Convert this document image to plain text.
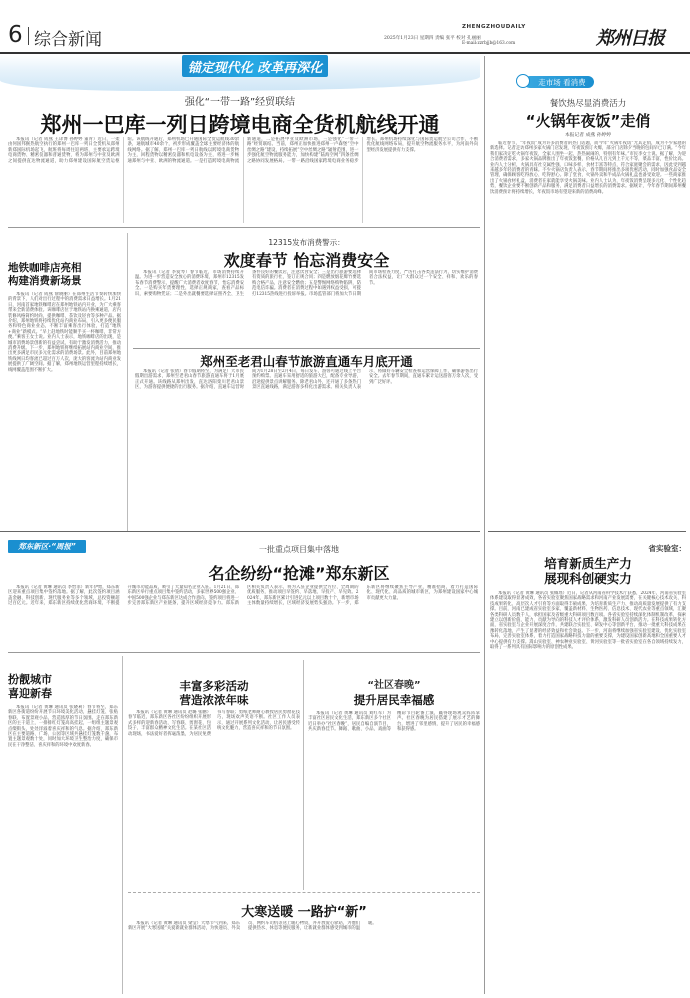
6 综合新闻
ZHENGZHOUDAILY
2025年1月23日 星期四 责编 张平 校对 孔丽丽
E-mail:zzrbjjb@163.com	郑州日报
锚定现代化 改革再深化
强化“一带一路”经贸联结
郑州一巴库一列日跨境电商全货机航线开通

本报讯（记者 成燕 王译博 孙婷婷 董青）近日，一架由何国邦猴热航空执行的郑州一巴库一列日全货机从郑州新郑国际机场起飞，航班将每周往返两班，主要承运跨境电商货物、精密仪器和普通货物，将为郑州与中亚及欧洲之间提供直达物流通道，助力郑州建设国际航空货运枢纽。该航线开通后，郑州机场已开通国际全货运航线30余条，通航城市40余个，初步形成覆盖全球主要经济体的航线网络。据了解，郑州一巴库一列日航线以跨境电商货物为主，回程货物以精密仪器和机电设备为主，将进一步畅通郑州与中亚、欧洲的物流通道。一是打造跨境电商物流新通道，二是拓展中亚及欧洲市场，三是强化“一带一路”经贸联结。当前，郑州正加快推进郑州一卢森堡“空中丝绸之路”建设，持续拓展“空中丝绸之路”辐射范围，进一步强化航空物流服务能力，加快构建“陆海空网”四条丝绸之路协同发展格局。一带一路沿线国家跨境电商业务稳步增长。郑州机场持续深化与国际货运航空公司合作，不断优化航线网络布局，提升航空物流服务水平，为河南外向型经济发展提供有力支撑。

地铁咖啡店亮相
构建消费新场景

本报讯（记者 成燕 俞晓丽）在郑州生活节奏转快加快的背景下，人们对出行过程中的消费需求日益增长。1月21日，河南首家地铁咖啡店在郑州地铁站内开业，为广大乘客带来全新消费体验。该咖啡店位于地铁站内换乘通道，店内装修风格简约时尚，提供咖啡、茶饮及轻食等多种产品。据介绍，郑州地铁将持续优化站内商业布局，引入更多便民服务和特色商业业态，不断丰富乘客出行体验，打造“地铁+商业”新模式。“早上赶地铁时能顺手买一杯咖啡，非常方便。”乘客王女士说。业内人士表示，地铁咖啡店的出现，是城市消费场景创新的有益尝试，有助于激发消费活力，推动消费升级。下一步，郑州地铁将继续拓展站内商业空间，推出更多满足市民多元化需求的消费场景。此外，目前郑州地铁线网日均客流已超过百万人次，庞大的客流为站内商业发展提供了广阔空间。据了解，郑州地铁运营里程持续增长，线网覆盖范围不断扩大。

12315发布消费警示：
欢度春节 怡忘消费安全

本报讯（记者 李爱琴）春节临近，市场消费持续升温。为进一步营造安全放心的消费环境，郑州市12315发布春节消费警示，提醒广大消费者欢度春节，怡忘消费安全。一是购买年货要理性，选择正规商家，查看产品标识，索要购物凭证；二是外出就餐要选择证照齐全、卫生条件良好的餐饮店，注意饮食安全；三是出行旅游要选择有资质的旅行社，签订正规合同；四是燃放烟花爆竹要选购合格产品，注意安全燃放；五是警惕网络购物陷阱，防范电信诈骗。消费者在消费过程中如遇到权益受损，可拨打12315热线进行投诉举报。市场监管部门将加大节日期间市场检查力度，严厉打击各类违法行为，切实维护消费者合法权益，让广大群众过一个安全、祥和、欢乐的春节。

郑州至老君山春节旅游直通车月底开通

本报讯（记者 张倩）春节假期将至，为满足广大市民假期出游需求，郑州至老君山春节旅游直通车将于1月底正式开通。该线路从郑州出发，直达洛阳栾川老君山景区，为游客提供便捷的出行服务。据介绍，直通车运营时间为1月28日至2月4日，每日发车，游客可通过线上平台预约购票。直通车采用舒适的旅游大巴，配备专业导游，沿途提供景点讲解服务。除老君山外，还开通了多条热门景区直通线路，满足游客多样化出游需求。相关负责人表示，将做好车辆安全检查和运营保障工作，确保游客出行安全。去年春节期间，直通车累计运送游客万余人次，受到广泛好评。

郑东新区·“周报”	一批重点项目集中落地
名企纷纷“抢滩”郑东新区

本报讯（记者 黄琳 通讯员 李怡菲）新年伊始，郑东新区迎来重点项目集中签约落地。据了解，此次签约项目涵盖金融、科技创新、现代服务业等多个领域，总投资额超过百亿元。近年来，郑东新区持续优化营商环境，不断提升城市功能品质，吸引了大量知名企业入驻。1月21日，郑东新区举行重点项目集中签约活动，多家世界500强企业、中国500强企业与郑东新区达成合作意向。签约项目将进一步完善郑东新区产业链条，提升区域经济竞争力。郑东新区相关负责人表示，将为入驻企业提供全方位、全周期的优质服务，推动项目早签约、早落地、早投产、早见效。2024年，郑东新区累计引进亿元以上项目数十个，新增市场主体数量持续增长，区域经济发展势头强劲。下一步，郑东新区将继续聚焦主导产业，精准招商，着力打造国际化、现代化、高品质的城市新区，为郑州建设国家中心城市贡献更大力量。

扮靓城市
喜迎新春

本报讯（记者 黄琳 通讯员 张晓莉）春节将至，郑东新区各街道纷纷开展节日环境美化活动，悬挂灯笼、张贴春联、布置景观小品，营造浓厚的节日氛围。走在郑东新区的主干道上，一排排红灯笼高高挂起，一组组主题景观点缀街头，处处洋溢着喜庆祥和的气息。据介绍，郑东新区在主要道路、广场、公园等区域共悬挂灯笼数千盏，布置主题景观数十处，同时加大环境卫生整治力度，确保市民在干净整洁、喜庆祥和的环境中欢度新春。

丰富多彩活动
营造浓浓年味

本报讯（记者 黄琳 通讯员 赵璐 张鹏）春节临近，郑东新区各社区纷纷组织开展形式多样的迎新春活动，写春联、剪窗花、包饺子，丰富群众精神文化生活。在某社区活动现场，书法爱好者挥毫泼墨，为居民免费书写春联；剪纸老师耐心教授居民剪窗花技巧，现场欢声笑语不断。社区工作人员表示，通过开展系列文化活动，让居民感受传统文化魅力，营造喜庆祥和的节日氛围。

“社区春晚”
提升居民幸福感

本报讯（记者 黄琳 通讯员 刘红军）为丰富社区居民文化生活，郑东新区多个社区近日举办“社区春晚”，居民自编自演节目，共庆新春佳节。舞蹈、歌曲、小品、戏曲等精彩节目轮番上演，赢得现场观众阵阵掌声。社区春晚为居民搭建了展示才艺的舞台，增进了邻里感情，提升了居民的幸福感和获得感。

大寒送暖 一路护“新”

本报讯（记者 黄琳 通讯员 梁莹）大寒节气到来，郑东新区开展“大寒送暖”关爱新就业群体活动，为快递员、外卖员、网约车司机等送上暖心物资，并开放爱心驿站，为他们提供热水、休息等便民服务，让新就业群体感受到城市的温暖。

走市场 看消费
餐饮热尽显消费活力
“火锅年夜饭”走俏
本报记者 成燕 孙婷婷

临近春节，“年夜饭”成为许多消费者的热门话题，而今年“火锅年夜饭”尤其走俏，成为不少家庭的新选择。记者走访郑州多家火锅门店发现，年夜饭预订火爆，部分门店除夕当晚的包间早已订满。“今年我们家决定吃火锅年夜饭，全家人围坐一起，热热闹闹的，特别有年味。”市民李女士说。据了解，为迎合消费者需求，多家火锅品牌推出了年夜饭套餐，价格从几百元到上千元不等，菜品丰富，性价比高。业内人士分析，火锅具有社交属性强、口味多样、食材丰富等特点，符合家庭聚会的需求，因此受到越来越多年轻消费者的青睐。不少火锅店负责人表示，春节期间将推出多项优惠活动，同时加强食品安全管理，确保顾客吃得放心、吃得舒心。除了堂食，火锅外卖和半成品火锅礼盒也备受欢迎。一些商家推出了火锅食材礼盒，消费者在家就能享受火锅美味。业内人士认为，年夜饭消费呈现多元化、个性化趋势，餐饮企业要不断创新产品和服务，满足消费者日益增长的消费需求。据统计，今年春节期间郑州餐饮消费预计将持续增长，年夜饭市场有望迎来新的消费高峰。

省实验室：
培育新质生产力
展现科创硬实力

本报讯（记者 黄琳 通讯员 张佩瑶）近日，记者从河南省科学技术厅获悉，2024年，河南省实验室体系建设取得显著成效，各省实验室聚焦国家战略需求和河南产业发展需要，在关键核心技术攻关、科技成果转化、高层次人才引育等方面取得丰硕成果，为培育新质生产力、推动高质量发展提供了有力支撑。目前，河南已建成省实验室多家，覆盖新材料、生物医药、信息技术、现代农业等重点领域，汇聚各类科研人员数千人，承担国家及省级重大科研项目数百项。各省实验室持续深化体制机制改革，探索建立以创新价值、能力、贡献为导向的科技人才评价体系，激发科研人员创新活力。在科技成果转化方面，省实验室与企业开展深度合作，共建联合实验室、研发中心等创新平台，推动一批重大科技成果在豫转化落地，产生了显著的经济效益和社会效益。下一步，河南将继续加强省实验室建设，优化实验室布局，完善实验室体系，着力打造国家战略科技力量的重要支撑，为建设国家创新高地和全国重要人才中心提供有力支撑。嵩山实验室、神农种业实验室、黄河实验室等一批省实验室在各自领域持续发力，取得了一系列具有国际影响力的原创性成果。
